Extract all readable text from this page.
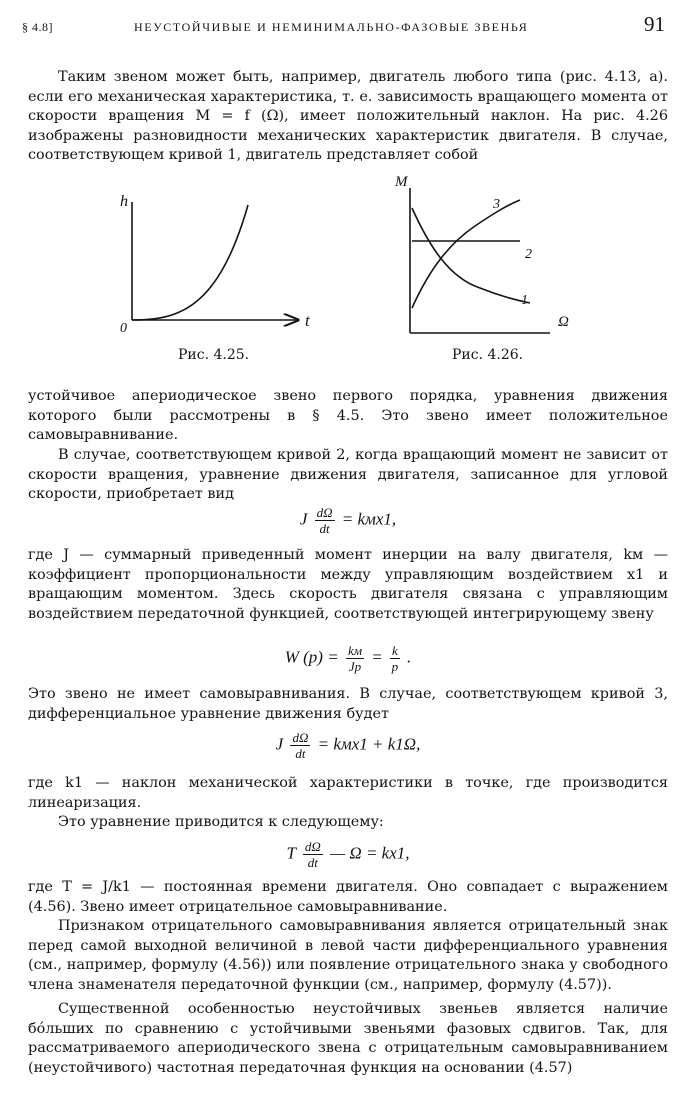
§ 4.8]	НЕУСТОЙЧИВЫЕ И НЕМИНИМАЛЬНО-ФАЗОВЫЕ ЗВЕНЬЯ	91

Таким звеном может быть, например, двигатель любого типа (рис. 4.13, а). если его механическая характеристика, т. е. зависимость вращающего момента от скорости вращения M = f (Ω), имеет положительный наклон. На рис. 4.26 изображены разновидности механических характеристик двигателя. В случае, соответствующем кривой 1, двигатель представляет собой

h
t
0
Рис. 4.25.
M
Ω
1
2
3
Рис. 4.26.

устойчивое апериодическое звено первого порядка, уравнения движения которого были рассмотрены в § 4.5. Это звено имеет положительное самовыравнивание.

В случае, соответствующем кривой 2, когда вращающий момент не зависит от скорости вращения, уравнение движения двигателя, записанное для угловой скорости, приобретает вид

J $\frac{d\Omega}{dt} = kмx1$,

где J — суммарный приведенный момент инерции на валу двигателя, kм — коэффициент пропорциональности между управляющим воздействием x1 и вращающим моментом. Здесь скорость двигателя связана с управляющим воздействием передаточной функцией, соответствующей интегрирующему звену

W $(p) = \frac{kм}{Jp} = \frac{k}{p}$ .

Это звено не имеет самовыравнивания. В случае, соответствующем кривой 3, дифференциальное уравнение движения будет

J $\frac{d\Omega}{dt} = kмx1 + k1\Omega$,

где k1 — наклон механической характеристики в точке, где производится линеаризация.

Это уравнение приводится к следующему:

T $\frac{d\Omega}{dt}$ — Ω = kx1,

где T = J/k1 — постоянная времени двигателя. Оно совпадает с выражением (4.56). Звено имеет отрицательное самовыравнивание.

Признаком отрицательного самовыравнивания является отрицательный знак перед самой выходной величиной в левой части дифференциального уравнения (см., например, формулу (4.56)) или появление отрицательного знака у свободного члена знаменателя передаточной функции (см., например, формулу (4.57)).

Существенной особенностью неустойчивых звеньев является наличие бóльших по сравнению с устойчивыми звеньями фазовых сдвигов. Так, для рассматриваемого апериодического звена с отрицательным самовыравниванием (неустойчивого) частотная передаточная функция на основании (4.57)
